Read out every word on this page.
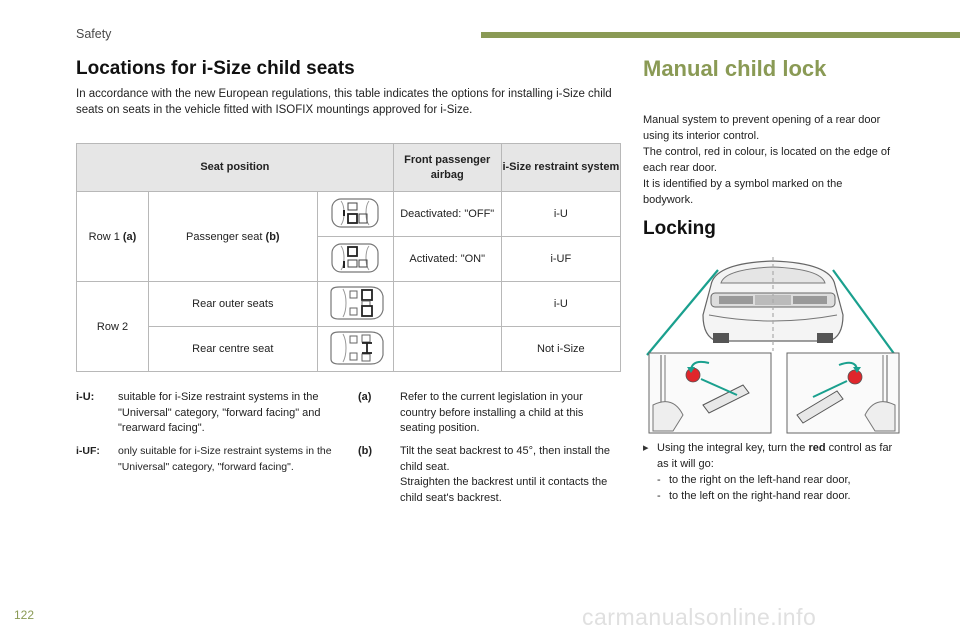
Safety
Locations for i-Size child seats

In accordance with the new European regulations, this table indicates the options for installing i-Size child seats on seats in the vehicle fitted with ISOFIX mountings approved for i-Size.

Seat position			Front passenger airbag	i-Size restraint system
Row 1 (a)	Passenger seat (b)		Deactivated: "OFF"	i-U
	Activated: "ON"	i-UF
Row 2	Rear outer seats			i-U
	Rear centre seat			Not i-Size
i-U:	suitable for i-Size restraint systems in the "Universal" category, "forward facing" and "rearward facing".
i-UF:	only suitable for i-Size restraint systems in the "Universal" category, "forward facing".
(a)	Refer to the current legislation in your country before installing a child at this seating position.
(b)	Tilt the seat backrest to 45°, then install the child seat.
Straighten the backrest until it contacts the child seat's backrest.
Manual child lock
Manual system to prevent opening of a rear door using its interior control.
The control, red in colour, is located on the edge of each rear door.
It is identified by a symbol marked on the bodywork.
Locking
▸ Using the integral key, turn the red control as far as it will go:
- to the right on the left-hand rear door,
- to the left on the right-hand rear door.
122	carmanualsonline.info
